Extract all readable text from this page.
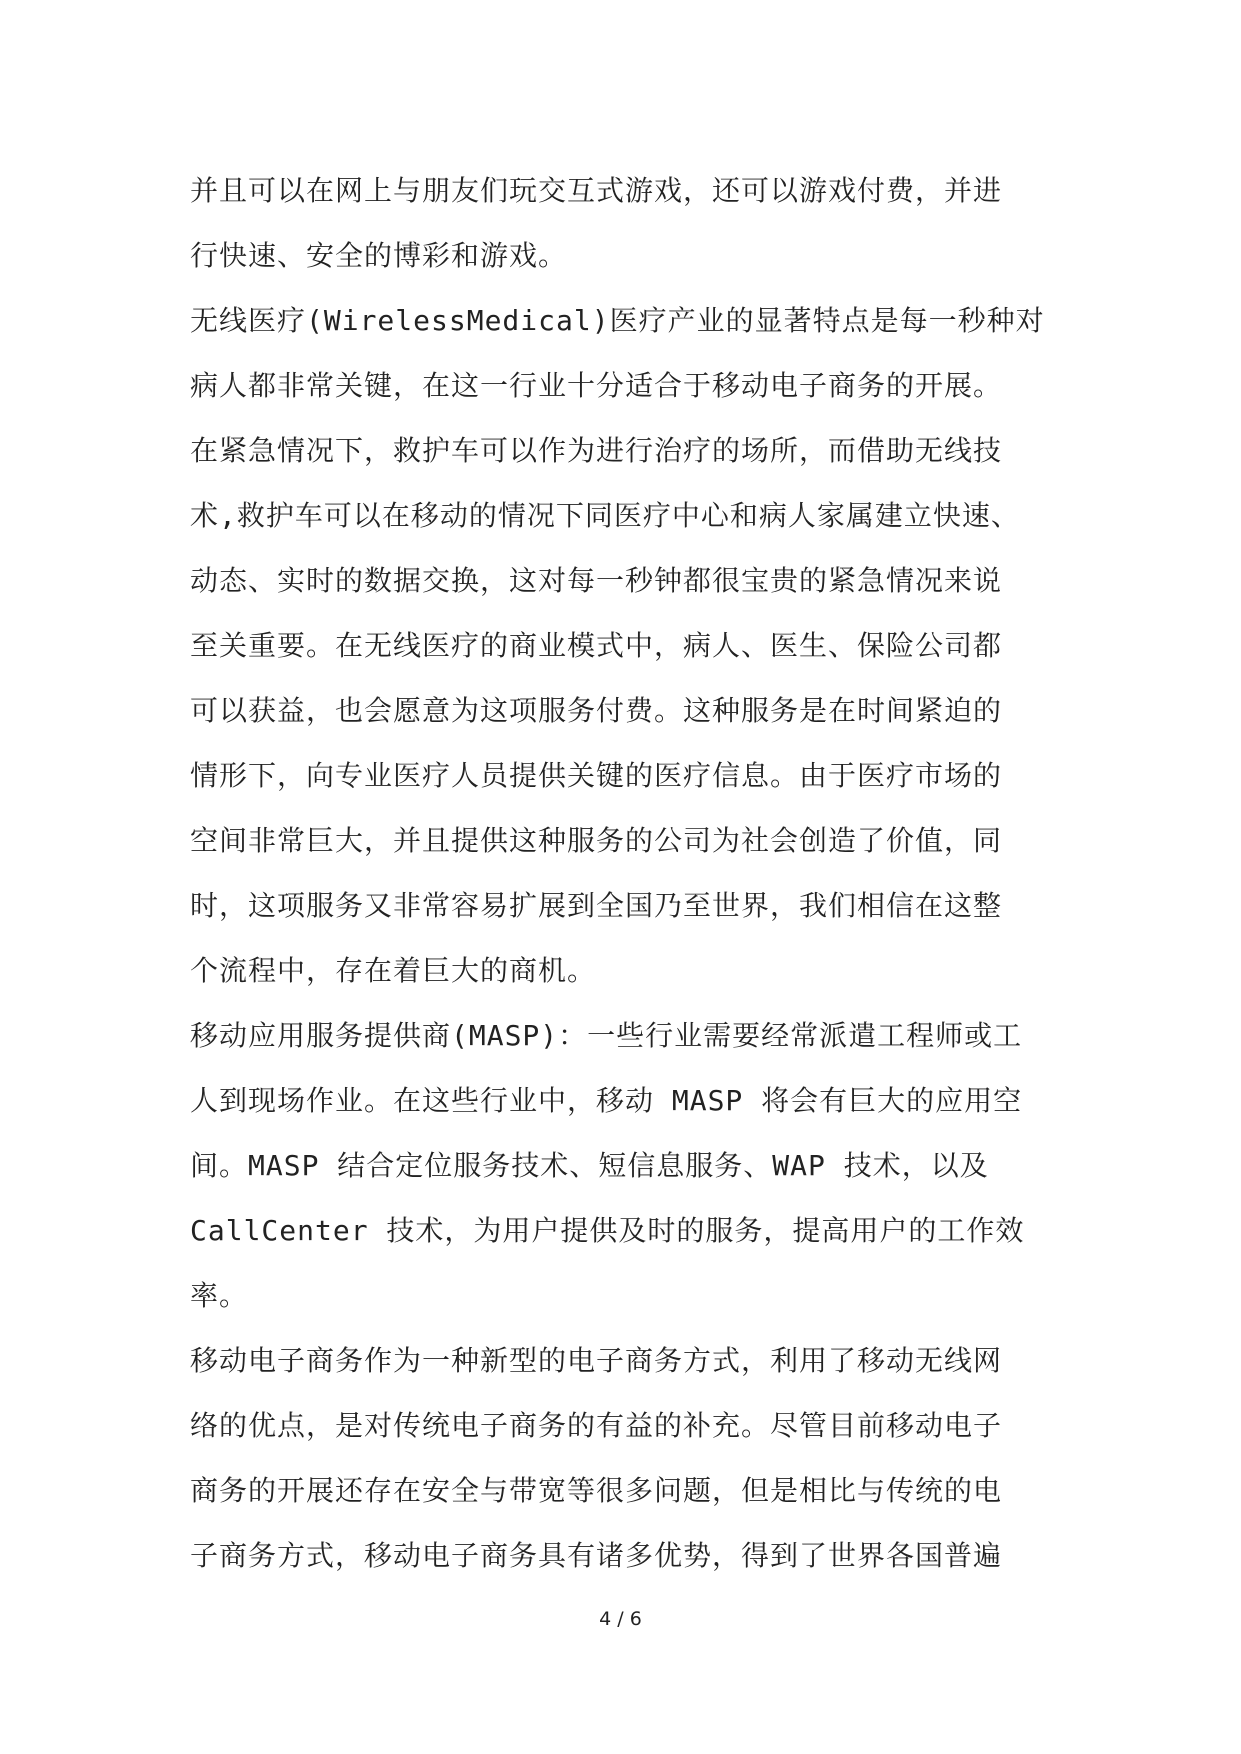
并且可以在网上与朋友们玩交互式游戏，还可以游戏付费，并进
行快速、安全的博彩和游戏。
无线医疗(WirelessMedical)医疗产业的显著特点是每一秒种对
病人都非常关键，在这一行业十分适合于移动电子商务的开展。
在紧急情况下，救护车可以作为进行治疗的场所，而借助无线技
术,救护车可以在移动的情况下同医疗中心和病人家属建立快速、
动态、实时的数据交换，这对每一秒钟都很宝贵的紧急情况来说
至关重要。在无线医疗的商业模式中，病人、医生、保险公司都
可以获益，也会愿意为这项服务付费。这种服务是在时间紧迫的
情形下，向专业医疗人员提供关键的医疗信息。由于医疗市场的
空间非常巨大，并且提供这种服务的公司为社会创造了价值，同
时，这项服务又非常容易扩展到全国乃至世界，我们相信在这整
个流程中，存在着巨大的商机。
移动应用服务提供商(MASP)：一些行业需要经常派遣工程师或工
人到现场作业。在这些行业中，移动 MASP 将会有巨大的应用空
间。MASP 结合定位服务技术、短信息服务、WAP 技术，以及
CallCenter 技术，为用户提供及时的服务，提高用户的工作效
率。
移动电子商务作为一种新型的电子商务方式，利用了移动无线网
络的优点，是对传统电子商务的有益的补充。尽管目前移动电子
商务的开展还存在安全与带宽等很多问题，但是相比与传统的电
子商务方式，移动电子商务具有诸多优势，得到了世界各国普遍
4 / 6
